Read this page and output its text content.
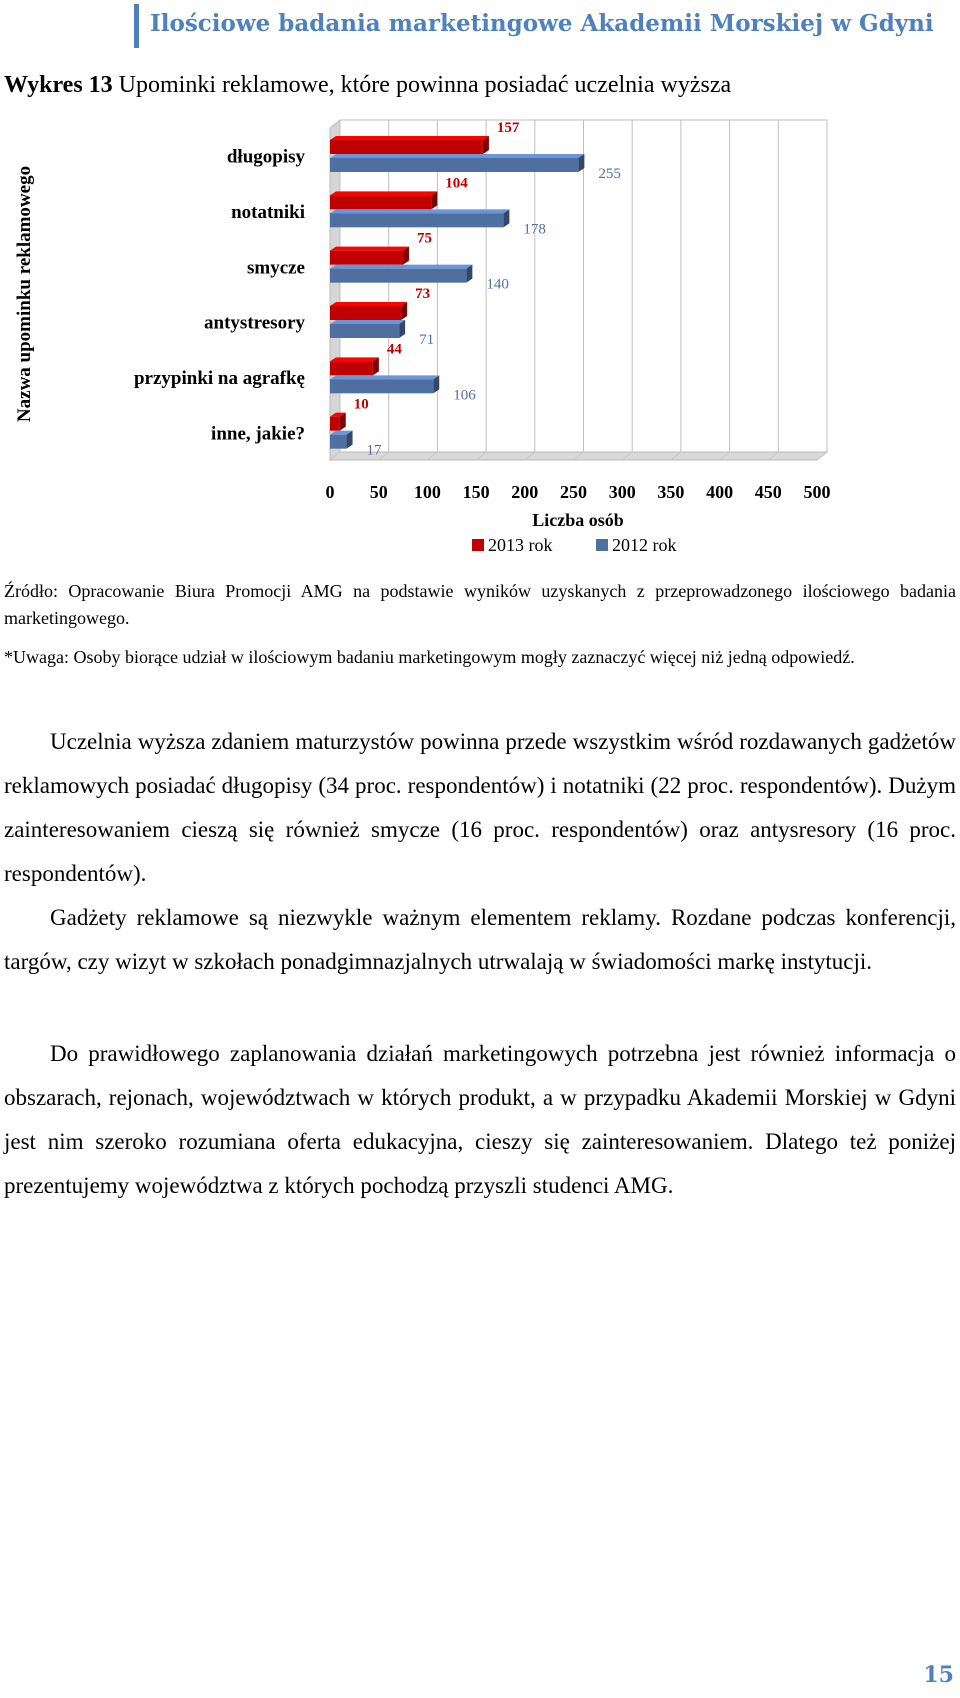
Ilościowe badania marketingowe Akademii Morskiej w Gdyni
Wykres 13 Upominki reklamowe, które powinna posiadać uczelnia wyższa
0 50 100 150 200 250 300 350 400 450 500
Liczba osób
Nazwa upominku reklamowego
długopisy
157
255
notatniki
104
178
smycze
75
140
antystresory
73
71
przypinki na agrafkę
44
106
inne, jakie?
10
17
2013 rok	2012 rok
Źródło: Opracowanie Biura Promocji AMG na podstawie wyników uzyskanych z przeprowadzonego ilościowego badania marketingowego.
*Uwaga: Osoby biorące udział w ilościowym badaniu marketingowym mogły zaznaczyć więcej niż jedną odpowiedź.
Uczelnia wyższa zdaniem maturzystów powinna przede wszystkim wśród rozdawanych gadżetów reklamowych posiadać długopisy (34 proc. respondentów) i notatniki (22 proc. respondentów). Dużym zainteresowaniem cieszą się również smycze (16 proc. respondentów) oraz antysresory (16 proc. respondentów).
Gadżety reklamowe są niezwykle ważnym elementem reklamy. Rozdane podczas konferencji, targów, czy wizyt w szkołach ponadgimnazjalnych utrwalają w świadomości markę instytucji.
Do prawidłowego zaplanowania działań marketingowych potrzebna jest również informacja o obszarach, rejonach, województwach w których produkt, a w przypadku Akademii Morskiej w Gdyni jest nim szeroko rozumiana oferta edukacyjna, cieszy się zainteresowaniem. Dlatego też poniżej prezentujemy województwa z których pochodzą przyszli studenci AMG.
15
